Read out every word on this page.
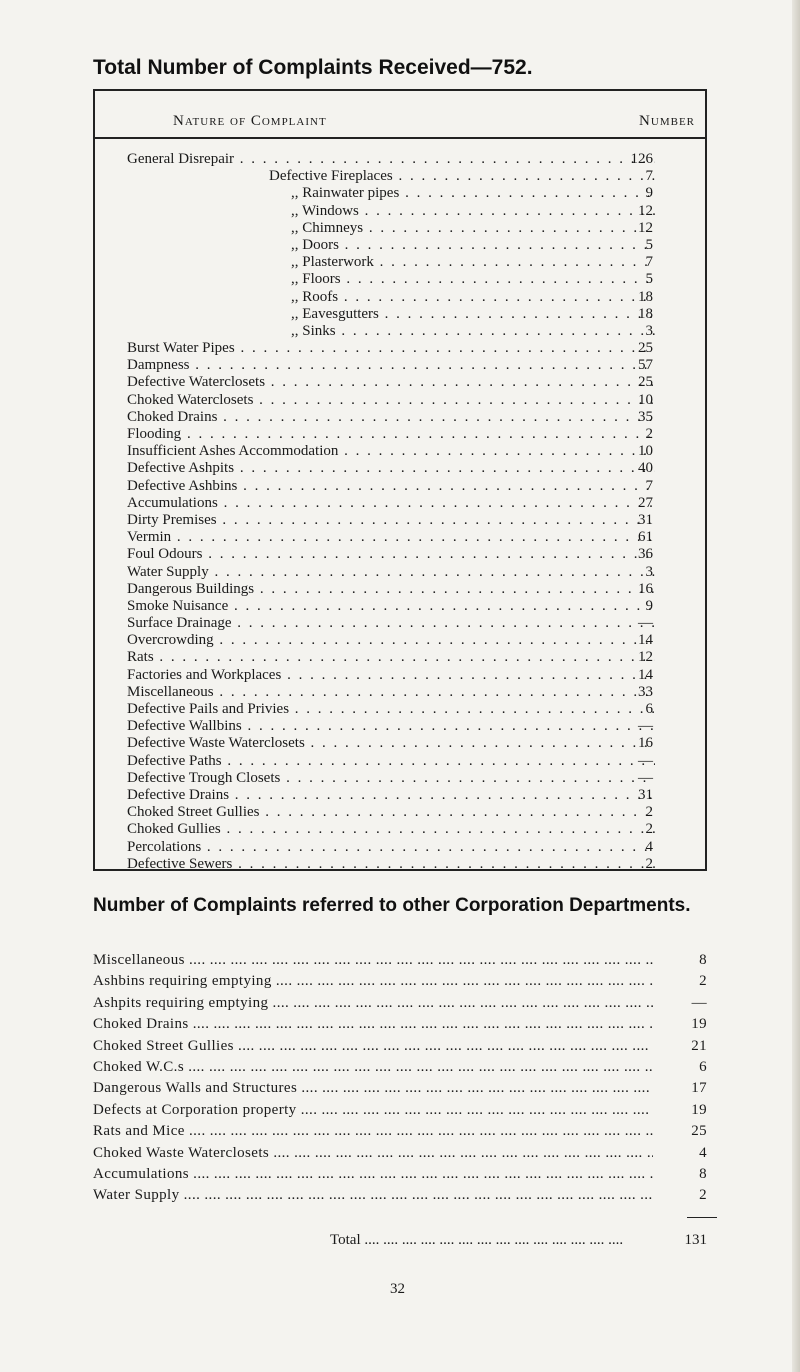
Total Number of Complaints Received—752.
Nature of Complaint	Number
General Disrepair . . .	126
Defective Fireplaces . . .	7
,, Rainwater pipes . . .	9
,, Windows . . .	12
,, Chimneys . . .	12
,, Doors . . .	5
,, Plasterwork . . .	7
,, Floors . . .	5
,, Roofs . . .	18
,, Eavesgutters . . .	18
,, Sinks . . .	3
Burst Water Pipes . . .	25
Dampness . . .	57
Defective Waterclosets . . .	25
Choked Waterclosets . . .	10
Choked Drains . . .	35
Flooding . . .	2
Insufficient Ashes Accommodation . . .	10
Defective Ashpits . . .	40
Defective Ashbins . . .	7
Accumulations . . .	27
Dirty Premises . . .	31
Vermin . . .	61
Foul Odours . . .	36
Water Supply . . .	3
Dangerous Buildings . . .	16
Smoke Nuisance . . .	9
Surface Drainage . . .	—
Overcrowding . . .	14
Rats . . .	12
Factories and Workplaces . . .	14
Miscellaneous . . .	33
Defective Pails and Privies . . .	6
Defective Wallbins . . .	—
Defective Waste Waterclosets . . .	16
Defective Paths . . .	—
Defective Trough Closets . . .	—
Defective Drains . . .	31
Choked Street Gullies . . .	2
Choked Gullies . . .	2
Percolations . . .	4
Defective Sewers . . .	2
Number of Complaints referred to other Corporation Departments.
Miscellaneous ....	8
Ashbins requiring emptying ....	2
Ashpits requiring emptying ....	—
Choked Drains ....	19
Choked Street Gullies ....	21
Choked W.C.s ....	6
Dangerous Walls and Structures ....	17
Defects at Corporation property ....	19
Rats and Mice ....	25
Choked Waste Waterclosets ....	4
Accumulations ....	8
Water Supply ....	2
Total ....	131
32
